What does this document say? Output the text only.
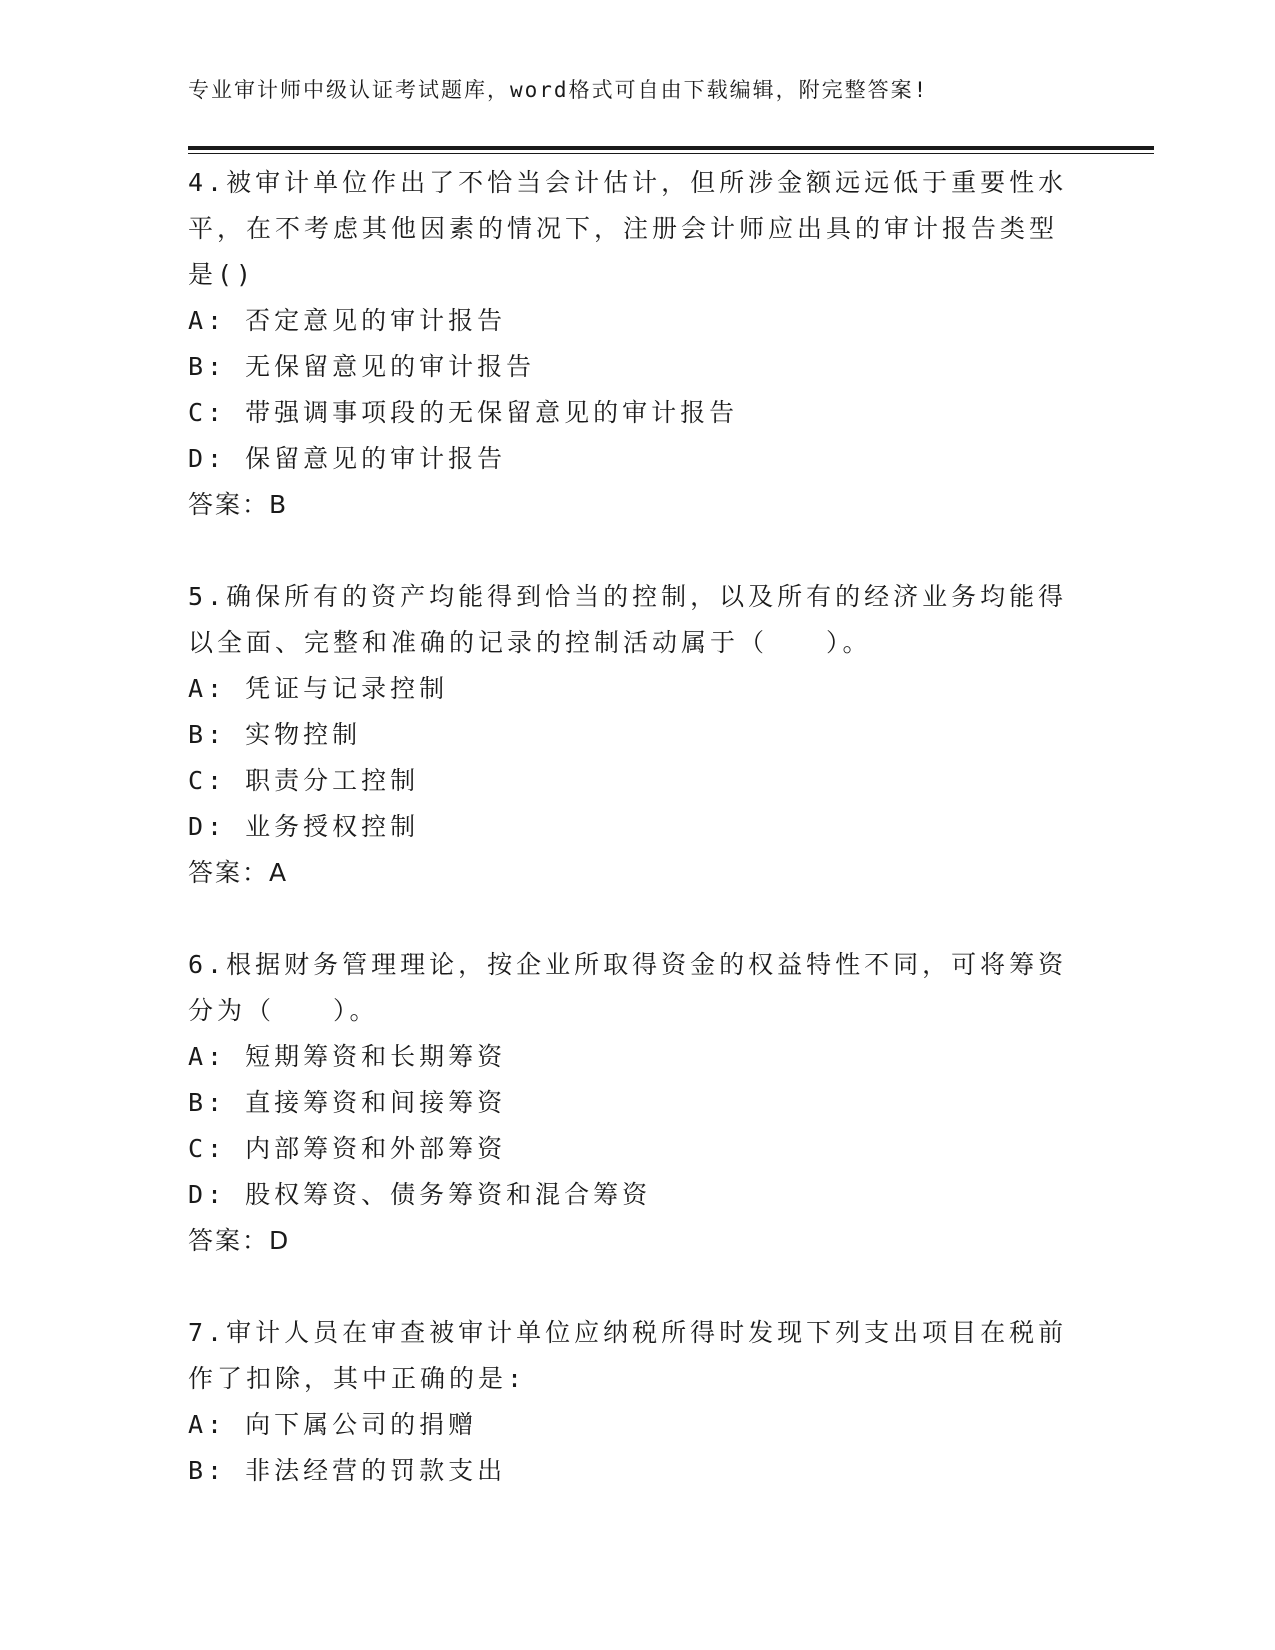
专业审计师中级认证考试题库，word格式可自由下载编辑，附完整答案!

4.被审计单位作出了不恰当会计估计，但所涉金额远远低于重要性水

平，在不考虑其他因素的情况下，注册会计师应出具的审计报告类型

是()

A: 否定意见的审计报告

B: 无保留意见的审计报告

C: 带强调事项段的无保留意见的审计报告

D: 保留意见的审计报告

答案：B

5.确保所有的资产均能得到恰当的控制，以及所有的经济业务均能得

以全面、完整和准确的记录的控制活动属于（　　）。

A: 凭证与记录控制

B: 实物控制

C: 职责分工控制

D: 业务授权控制

答案：A

6.根据财务管理理论，按企业所取得资金的权益特性不同，可将筹资

分为（　　）。

A: 短期筹资和长期筹资

B: 直接筹资和间接筹资

C: 内部筹资和外部筹资

D: 股权筹资、债务筹资和混合筹资

答案：D

7.审计人员在审查被审计单位应纳税所得时发现下列支出项目在税前

作了扣除，其中正确的是:

A: 向下属公司的捐赠

B: 非法经营的罚款支出
